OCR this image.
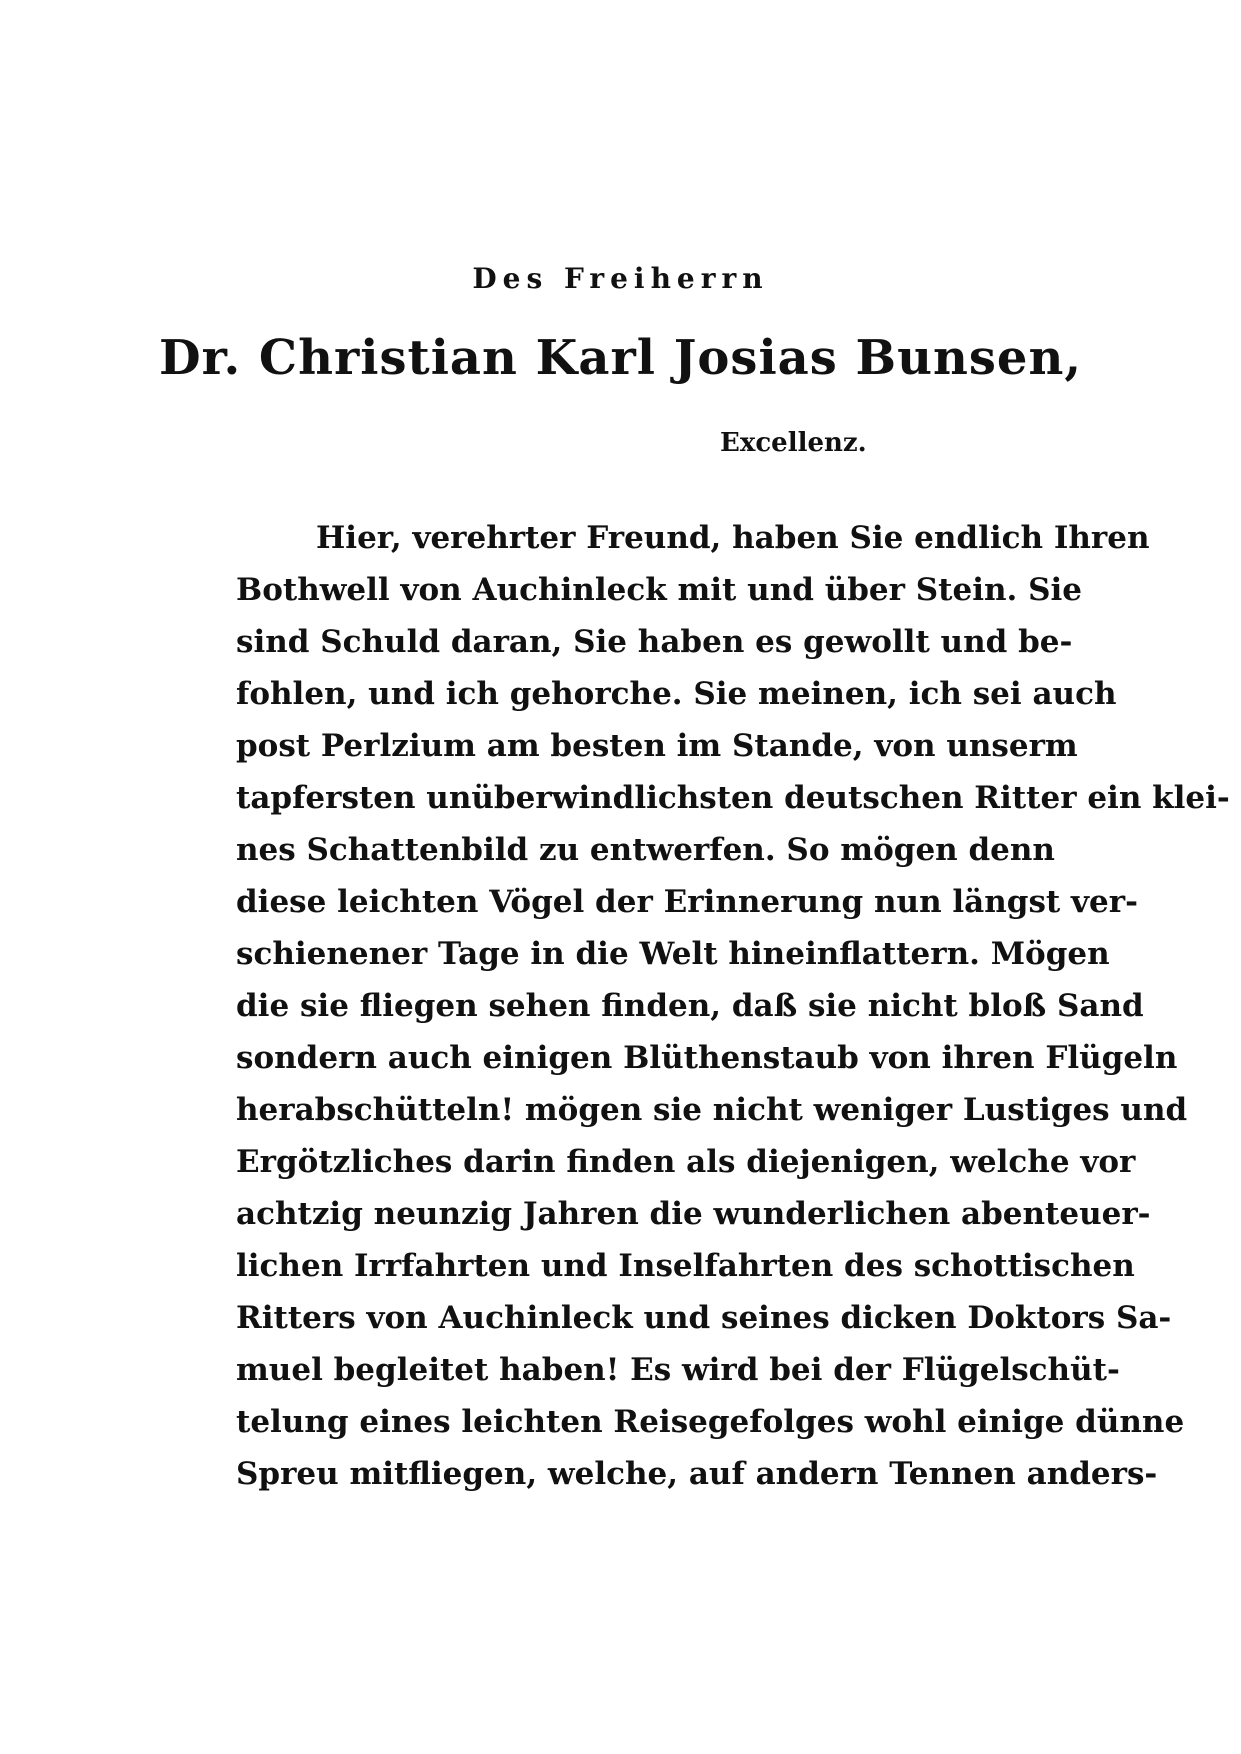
Des Freiherrn
Dr. Christian Karl Josias Bunsen,
Excellenz.
Hier, verehrter Freund, haben Sie endlich Ihren
Bothwell von Auchinleck mit und über Stein. Sie
sind Schuld daran, Sie haben es gewollt und be-
fohlen, und ich gehorche. Sie meinen, ich sei auch
post Perlzium am besten im Stande, von unserm
tapfersten unüberwindlichsten deutschen Ritter ein klei-
nes Schattenbild zu entwerfen. So mögen denn
diese leichten Vögel der Erinnerung nun längst ver-
schienener Tage in die Welt hineinflattern. Mögen
die sie fliegen sehen finden, daß sie nicht bloß Sand
sondern auch einigen Blüthenstaub von ihren Flügeln
herabschütteln! mögen sie nicht weniger Lustiges und
Ergötzliches darin finden als diejenigen, welche vor
achtzig neunzig Jahren die wunderlichen abenteuer-
lichen Irrfahrten und Inselfahrten des schottischen
Ritters von Auchinleck und seines dicken Doktors Sa-
muel begleitet haben! Es wird bei der Flügelschüt-
telung eines leichten Reisegefolges wohl einige dünne
Spreu mitfliegen, welche, auf andern Tennen anders-
